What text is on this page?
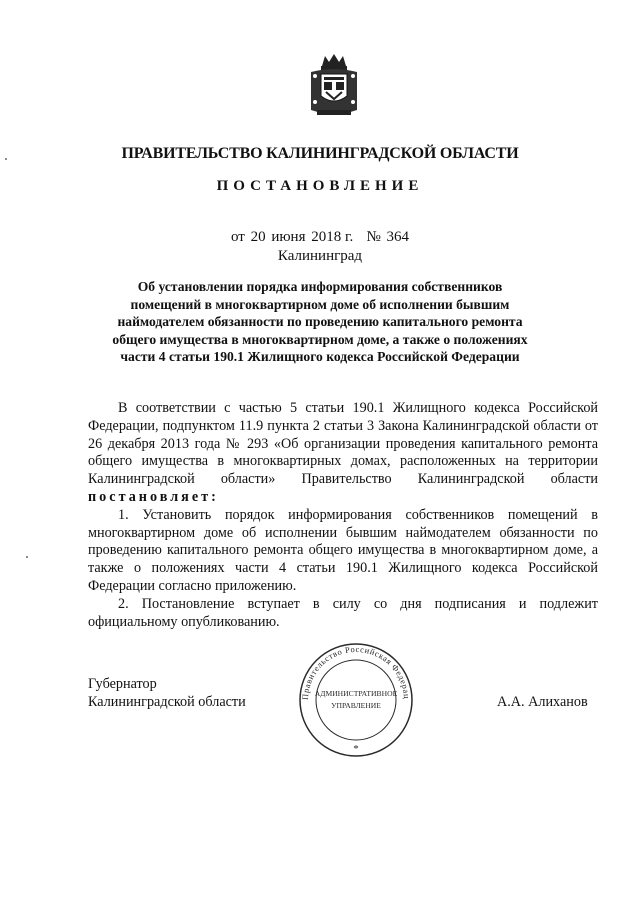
ПРАВИТЕЛЬСТВО КАЛИНИНГРАДСКОЙ ОБЛАСТИ
ПОСТАНОВЛЕНИЕ
от 20 июня 2018 г. № 364
Калининград
Об установлении порядка информирования собственников
помещений в многоквартирном доме об исполнении бывшим
наймодателем обязанности по проведению капитального ремонта
общего имущества в многоквартирном доме, а также о положениях
части 4 статьи 190.1 Жилищного кодекса Российской Федерации

В соответствии с частью 5 статьи 190.1 Жилищного кодекса Российской Федерации, подпунктом 11.9 пункта 2 статьи 3 Закона Калининградской области от 26 декабря 2013 года № 293 «Об организации проведения капитального ремонта общего имущества в многоквартирных домах, расположенных на территории Калининградской области» Правительство Калининградской области постановляет:

1. Установить порядок информирования собственников помещений в многоквартирном доме об исполнении бывшим наймодателем обязанности по проведению капитального ремонта общего имущества в многоквартирном доме, а также о положениях части 4 статьи 190.1 Жилищного кодекса Российской Федерации согласно приложению.

2. Постановление вступает в силу со дня подписания и подлежит официальному опубликованию.

Губернатор
Калининградской области	А.А. Алиханов
Правительство Российская Федерац
АДМИНИСТРАТИВНОЕ
УПРАВЛЕНИЕ
*
